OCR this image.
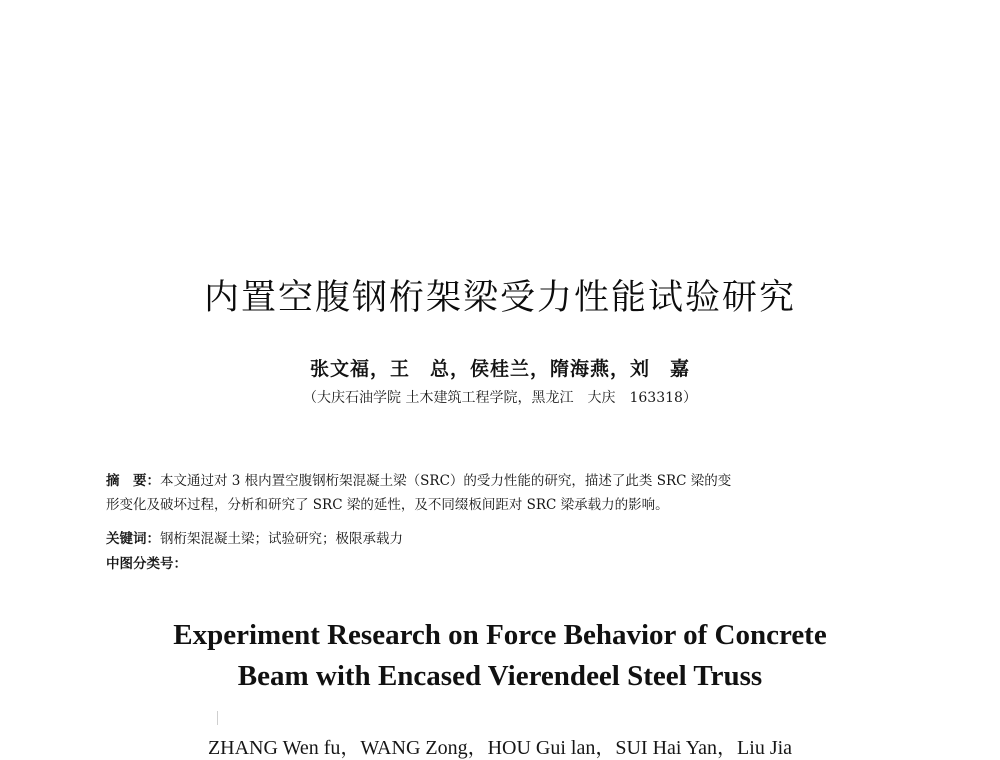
内置空腹钢桁架梁受力性能试验研究
张文福，王　总，侯桂兰，隋海燕，刘　嘉
（大庆石油学院 土木建筑工程学院，黑龙江　大庆　163318）
摘　要：本文通过对 3 根内置空腹钢桁架混凝土梁（SRC）的受力性能的研究，描述了此类 SRC 梁的变
形变化及破坏过程，分析和研究了 SRC 梁的延性，及不同缀板间距对 SRC 梁承载力的影响。
关键词：钢桁架混凝土梁；试验研究；极限承载力
中图分类号：
Experiment Research on Force Behavior of Concrete
Beam with Encased Vierendeel Steel Truss
ZHANG Wen fu，WANG Zong，HOU Gui lan，SUI Hai Yan，Liu Jia
